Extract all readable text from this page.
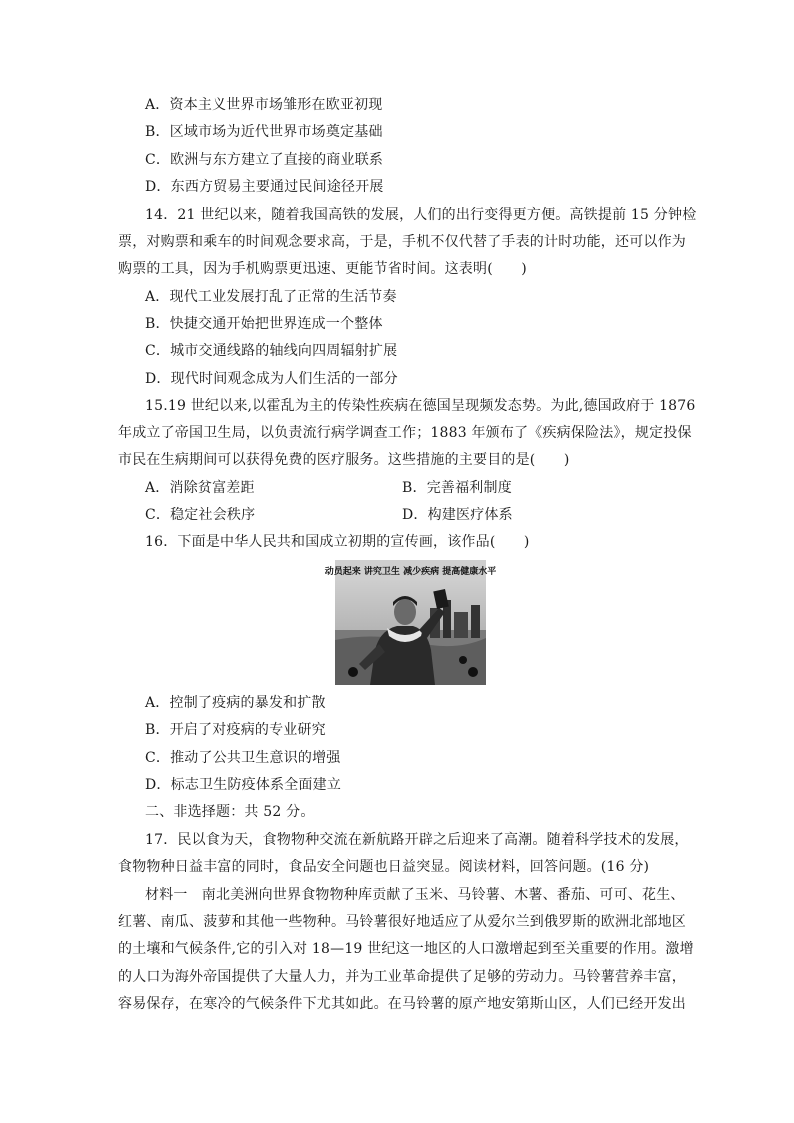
A．资本主义世界市场雏形在欧亚初现
B．区域市场为近代世界市场奠定基础
C．欧洲与东方建立了直接的商业联系
D．东西方贸易主要通过民间途径开展
14．21 世纪以来，随着我国高铁的发展，人们的出行变得更方便。高铁提前 15 分钟检
票，对购票和乘车的时间观念要求高，于是，手机不仅代替了手表的计时功能，还可以作为
购票的工具，因为手机购票更迅速、更能节省时间。这表明(　　)
A．现代工业发展打乱了正常的生活节奏
B．快捷交通开始把世界连成一个整体
C．城市交通线路的轴线向四周辐射扩展
D．现代时间观念成为人们生活的一部分
15.19 世纪以来,以霍乱为主的传染性疾病在德国呈现频发态势。为此,德国政府于 1876
年成立了帝国卫生局，以负责流行病学调查工作；1883 年颁布了《疾病保险法》，规定投保
市民在生病期间可以获得免费的医疗服务。这些措施的主要目的是(　　)
A．消除贫富差距	B．完善福利制度
C．稳定社会秩序	D．构建医疗体系
16．下面是中华人民共和国成立初期的宣传画，该作品(　　)
动员起来 讲究卫生 减少疾病 提高健康水平
A．控制了疫病的暴发和扩散
B．开启了对疫病的专业研究
C．推动了公共卫生意识的增强
D．标志卫生防疫体系全面建立
二、非选择题：共 52 分。
17．民以食为天，食物物种交流在新航路开辟之后迎来了高潮。随着科学技术的发展，
食物物种日益丰富的同时，食品安全问题也日益突显。阅读材料，回答问题。(16 分)
材料一　南北美洲向世界食物物种库贡献了玉米、马铃薯、木薯、番茄、可可、花生、
红薯、南瓜、菠萝和其他一些物种。马铃薯很好地适应了从爱尔兰到俄罗斯的欧洲北部地区
的土壤和气候条件,它的引入对 18—19 世纪这一地区的人口激增起到至关重要的作用。激增
的人口为海外帝国提供了大量人力，并为工业革命提供了足够的劳动力。马铃薯营养丰富，
容易保存，在寒冷的气候条件下尤其如此。在马铃薯的原产地安第斯山区，人们已经开发出
